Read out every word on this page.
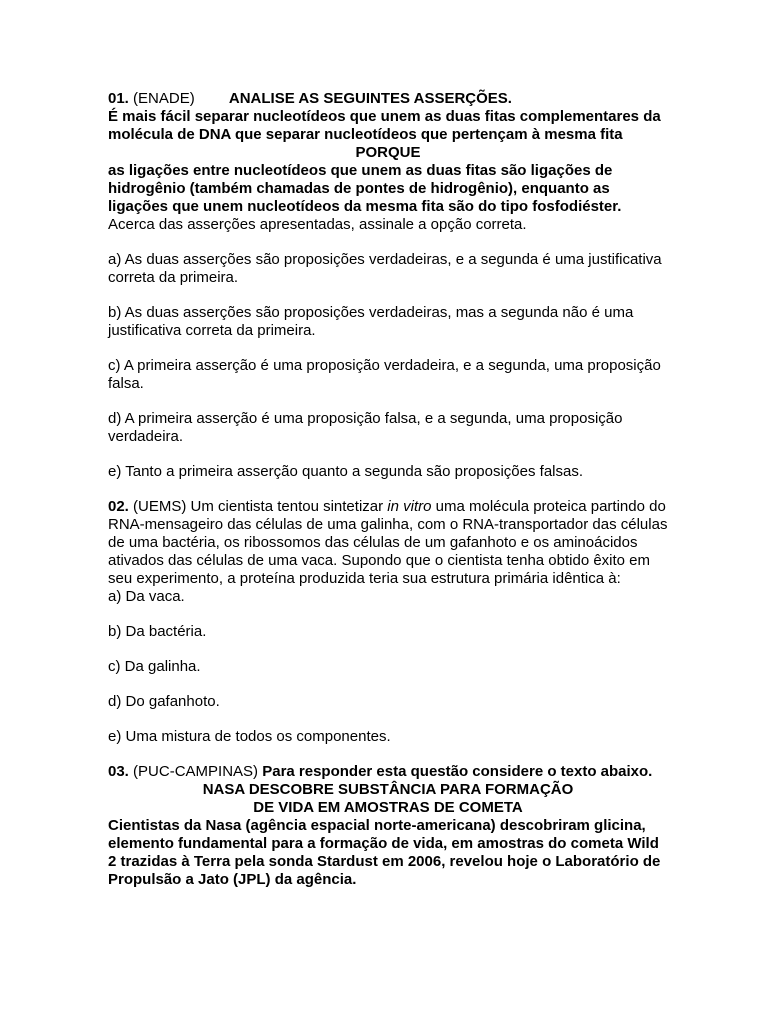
01. (ENADE) ANALISE AS SEGUINTES ASSERÇÕES.

É mais fácil separar nucleotídeos que unem as duas fitas complementares da molécula de DNA que separar nucleotídeos que pertençam à mesma fita

PORQUE

as ligações entre nucleotídeos que unem as duas fitas são ligações de hidrogênio (também chamadas de pontes de hidrogênio), enquanto as ligações que unem nucleotídeos da mesma fita são do tipo fosfodiéster.

Acerca das asserções apresentadas, assinale a opção correta.

a) As duas asserções são proposições verdadeiras, e a segunda é uma justificativa correta da primeira.

b) As duas asserções são proposições verdadeiras, mas a segunda não é uma justificativa correta da primeira.

c) A primeira asserção é uma proposição verdadeira, e a segunda, uma proposição falsa.

d) A primeira asserção é uma proposição falsa, e a segunda, uma proposição verdadeira.

e) Tanto a primeira asserção quanto a segunda são proposições falsas.

02. (UEMS) Um cientista tentou sintetizar in vitro uma molécula proteica partindo do RNA-mensageiro das células de uma galinha, com o RNA-transportador das células de uma bactéria, os ribossomos das células de um gafanhoto e os aminoácidos ativados das células de uma vaca. Supondo que o cientista tenha obtido êxito em seu experimento, a proteína produzida teria sua estrutura primária idêntica à:

a) Da vaca.

b) Da bactéria.

c) Da galinha.

d) Do gafanhoto.

e) Uma mistura de todos os componentes.

03. (PUC-CAMPINAS) Para responder esta questão considere o texto abaixo.

NASA DESCOBRE SUBSTÂNCIA PARA FORMAÇÃO

DE VIDA EM AMOSTRAS DE COMETA

Cientistas da Nasa (agência espacial norte-americana) descobriram glicina, elemento fundamental para a formação de vida, em amostras do cometa Wild 2 trazidas à Terra pela sonda Stardust em 2006, revelou hoje o Laboratório de Propulsão a Jato (JPL) da agência.
